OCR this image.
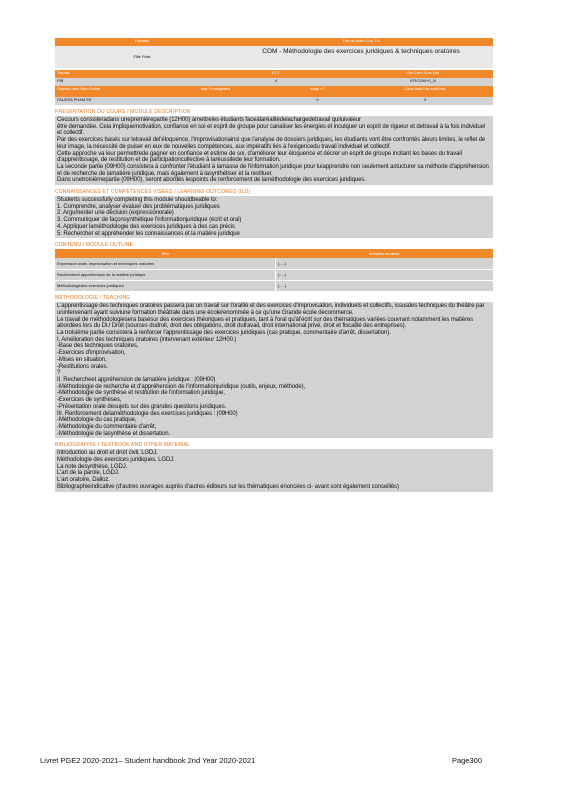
Fomatio	Thè ue mate Cou Thi
Filiè Ftais
COM - Méthodologie des exercices juridiques & techniques oratoires
Tsposs	ECT	Sm Emb Eme Eat
FIB	4	EFIO290+0_N
Dopsts umlo Emb Eohm	aap Fmasignant	aapp cT	Cons Acts Lte nortt bos
FAUSSA PHAM.EE	0	3
PRESENTATION DU COURS / MODULE DESCRIPTION

Cecours consisteradans unepremièrepartie (12H00) àmettreles étudiants faceàlaréalitédelachargedetravail quiluivaleur

être demandée. Cela impliquemotivation, confiance en soi et esprit de groupe pour canaliser les énergies et inculquer un esprit de rigueur et detravail à la fois individuel et collectif.

Par des exercices basés sur letravail del'éloquence, l'improvisationainsi que l'analyse de dossiers juridiques, les étudiants vont être confrontés àleurs limites, le reflet de leur image, la nécessité de puiser en eux de nouvelles compétences, aux impératifs liés à l'exigencedu travail individuel et collectif.

Cette approche va leur permettrede gagner en confiance et estime de soi, d'améliorer leur éloquence et décrer un esprit de groupe incitant les bases du travail d'apprentissage, de restitution et de participationcollective à laréussitede leur formation.

La seconde partie (09H00) consistera à confronter l'étudiant à lamasse de l'information juridique pour luiapprendre non seulement astucturer sa méthode d'appréhension et de recherche de lamatière juridique, mais également à lasynthétiser et la restituer.

Dans unetroisièmepartie (09H00), seront abordés lespoints de renforcement de laméthodologie des exercices juridiques.

CONNAISSANCES ET COMPETENCES VISEES / LEARNING OUTCOMES (ILO)

Students successfully completing this module shouldbeable to:

1. Comprendre, analyser évaluer des problématiques juridiques

2. Argumenter une décision (expressionorale)

3. Communiquer de façonsynthétique l'informationjuridique (écrit et oral)

4. Appliquer laméthodologie des exercices juridiques à des cas précis

5. Rechercher et appréhender les connaissances et la matière juridique

CONTENU / MODULE OUTLINE
Titre	Activités etudiant
Expression orale, improvisation et techniques oratoires	(.....)
Rechercheet appréhension de la matière juridique	(.....)
Méthodologiedes exercices juridiques	(.....)
METHODOLOGIE / TEACHING

L'apprentissage des techniques oratoires passera par un travail sur l'oralité et des exercices d'improvisation, individuels et collectifs, issusdes techniques du théâtre par unintervenant ayant suiviune formation théâtrale dans une écolerenommée à ce qu'une Grande école decommerce.

Le travail de méthodologiesera basésur des exercices théoriques et pratiques, tant à l'oral qu'àl'écrit sur des thématiques variées couvrant notamment les matières abordées lors du DU Droit (sources dudroit, droit des obligations, droit dutravail, droit international privé, droit et fiscalité des entreprises).

La troisième partie consistera à renforcer l'apprentissage des exercices juridiques (cas pratique, commentaire d'arrêt, dissertation).

I. Amélioration des techniques oratoires (intervenant extérieur 12H00.)

-Base des techniques oratoires,

-Exercices d'improvisation,

-Mises en situation,

-Restitutions orales.

?

II. Rechercheet appréhension de lamatière juridique : (09H00)

-Méthodologie de recherche et d'appréhension de l'informationjuridique (outils, enjeux, méthode),

-Méthodologie de synthèse et restitution de l'information juridique,

-Exercices de synthèses,

-Présentation orale desujets sur des grandes questions juridiques.

III. Renforcement delaméthodologie des exercices juridiques : (09H00)

-Méthodologie du cas pratique,

-Méthodologie du commentaire d'arrêt,

-Méthodologie de lasynthèse et dissertation.

BIBLIOGRAPHIE / TEXTBOOK AND OTHER MATERIAL

Introduction au droit et droit civil, LGDJ.

Méthodologie des exercices juridiques, LGDJ.

La note desynthèse, LGDJ.

L'art de la parole, LGDJ.

L'art oratoire, Dalloz.

Bibliographieindicative (d'autres ouvrages auprès d'autres éditeurs sur les thématiques énoncées ci- avant sont également conseillés)

Livret PGE2 2020-2021– Student handbook 2nd Year 2020-2021	Page300
